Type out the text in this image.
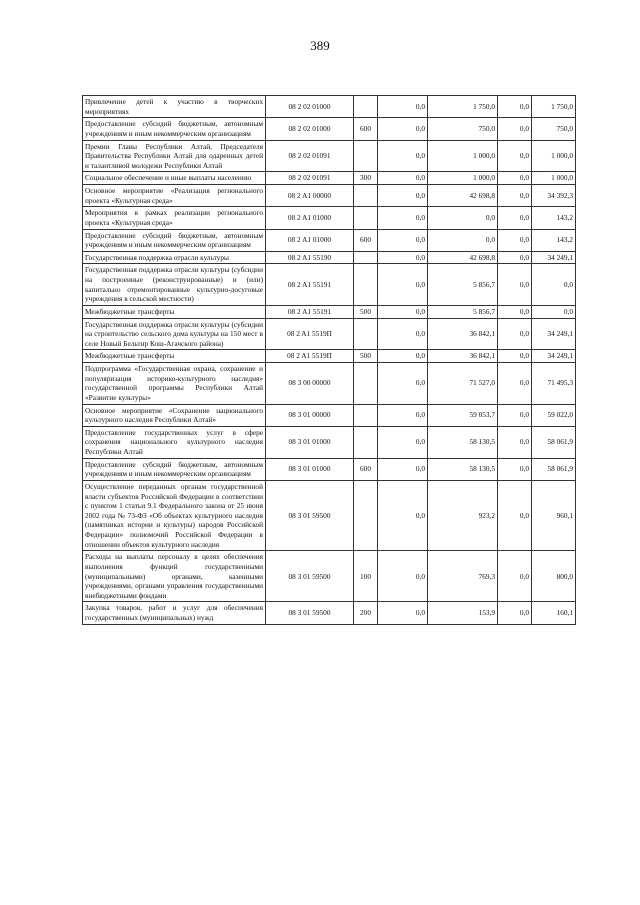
389
Привлечение детей к участию в творческих мероприятиях	08 2 02 01000		0,0	1 750,0	0,0	1 750,0
Предоставление субсидий бюджетным, автономным учреждениям и иным некоммерческим организациям	08 2 02 01000	600	0,0	750,0	0,0	750,0
Премии Главы Республики Алтай, Председателя Правительства Республики Алтай для одаренных детей и талантливой молодежи Республики Алтай	08 2 02 01091		0,0	1 000,0	0,0	1 000,0
Социальное обеспечение и иные выплаты населению	08 2 02 01091	300	0,0	1 000,0	0,0	1 000,0
Основное мероприятие «Реализация регионального проекта «Культурная среда»	08 2 A1 00000		0,0	42 698,8	0,0	34 392,3
Мероприятия в рамках реализации регионального проекта «Культурная среда»	08 2 A1 01000		0,0	0,0	0,0	143,2
Предоставление субсидий бюджетным, автономным учреждениям и иным некоммерческим организациям	08 2 A1 01000	600	0,0	0,0	0,0	143,2
Государственная поддержка отрасли культуры	08 2 A1 55190		0,0	42 698,8	0,0	34 249,1
Государственная поддержка отрасли культуры (субсидии на построенные (реконструированные) и (или) капитально отремонтированные культурно-досуговые учреждения в сельской местности)	08 2 A1 55191		0,0	5 856,7	0,0	0,0
Межбюджетные трансферты	08 2 A1 55191	500	0,0	5 856,7	0,0	0,0
Государственная поддержка отрасли культуры (субсидии на строительство сельского дома культуры на 150 мест в селе Новый Бельтир Кош-Агачского района)	08 2 A1 5519П		0,0	36 842,1	0,0	34 249,1
Межбюджетные трансферты	08 2 A1 5519П	500	0,0	36 842,1	0,0	34 249,1
Подпрограмма «Государственная охрана, сохранение и популяризация историко-культурного наследия» государственной программы Республики Алтай «Развитие культуры»	08 3 00 00000		0,0	71 527,0	0,0	71 495,3
Основное мероприятие «Сохранение национального культурного наследия Республики Алтай»	08 3 01 00000		0,0	59 053,7	0,0	59 022,0
Предоставление государственных услуг в сфере сохранения национального культурного наследия Республики Алтай	08 3 01 01000		0,0	58 130,5	0,0	58 061,9
Предоставление субсидий бюджетным, автономным учреждениям и иным некоммерческим организациям	08 3 01 01000	600	0,0	58 130,5	0,0	58 061,9
Осуществление переданных органам государственной власти субъектов Российской Федерации в соответствии с пунктом 1 статьи 9.1 Федерального закона от 25 июня 2002 года № 73-ФЗ «Об объектах культурного наследия (памятниках истории и культуры) народов Российской Федерации» полномочий Российской Федерации в отношении объектов культурного наследия	08 3 01 59500		0,0	923,2	0,0	960,1
Расходы на выплаты персоналу в целях обеспечения выполнения функций государственными (муниципальными) органами, казенными учреждениями, органами управления государственными внебюджетными фондами	08 3 01 59500	100	0,0	769,3	0,0	800,0
Закупка товаров, работ и услуг для обеспечения государственных (муниципальных) нужд	08 3 01 59500	200	0,0	153,9	0,0	160,1
